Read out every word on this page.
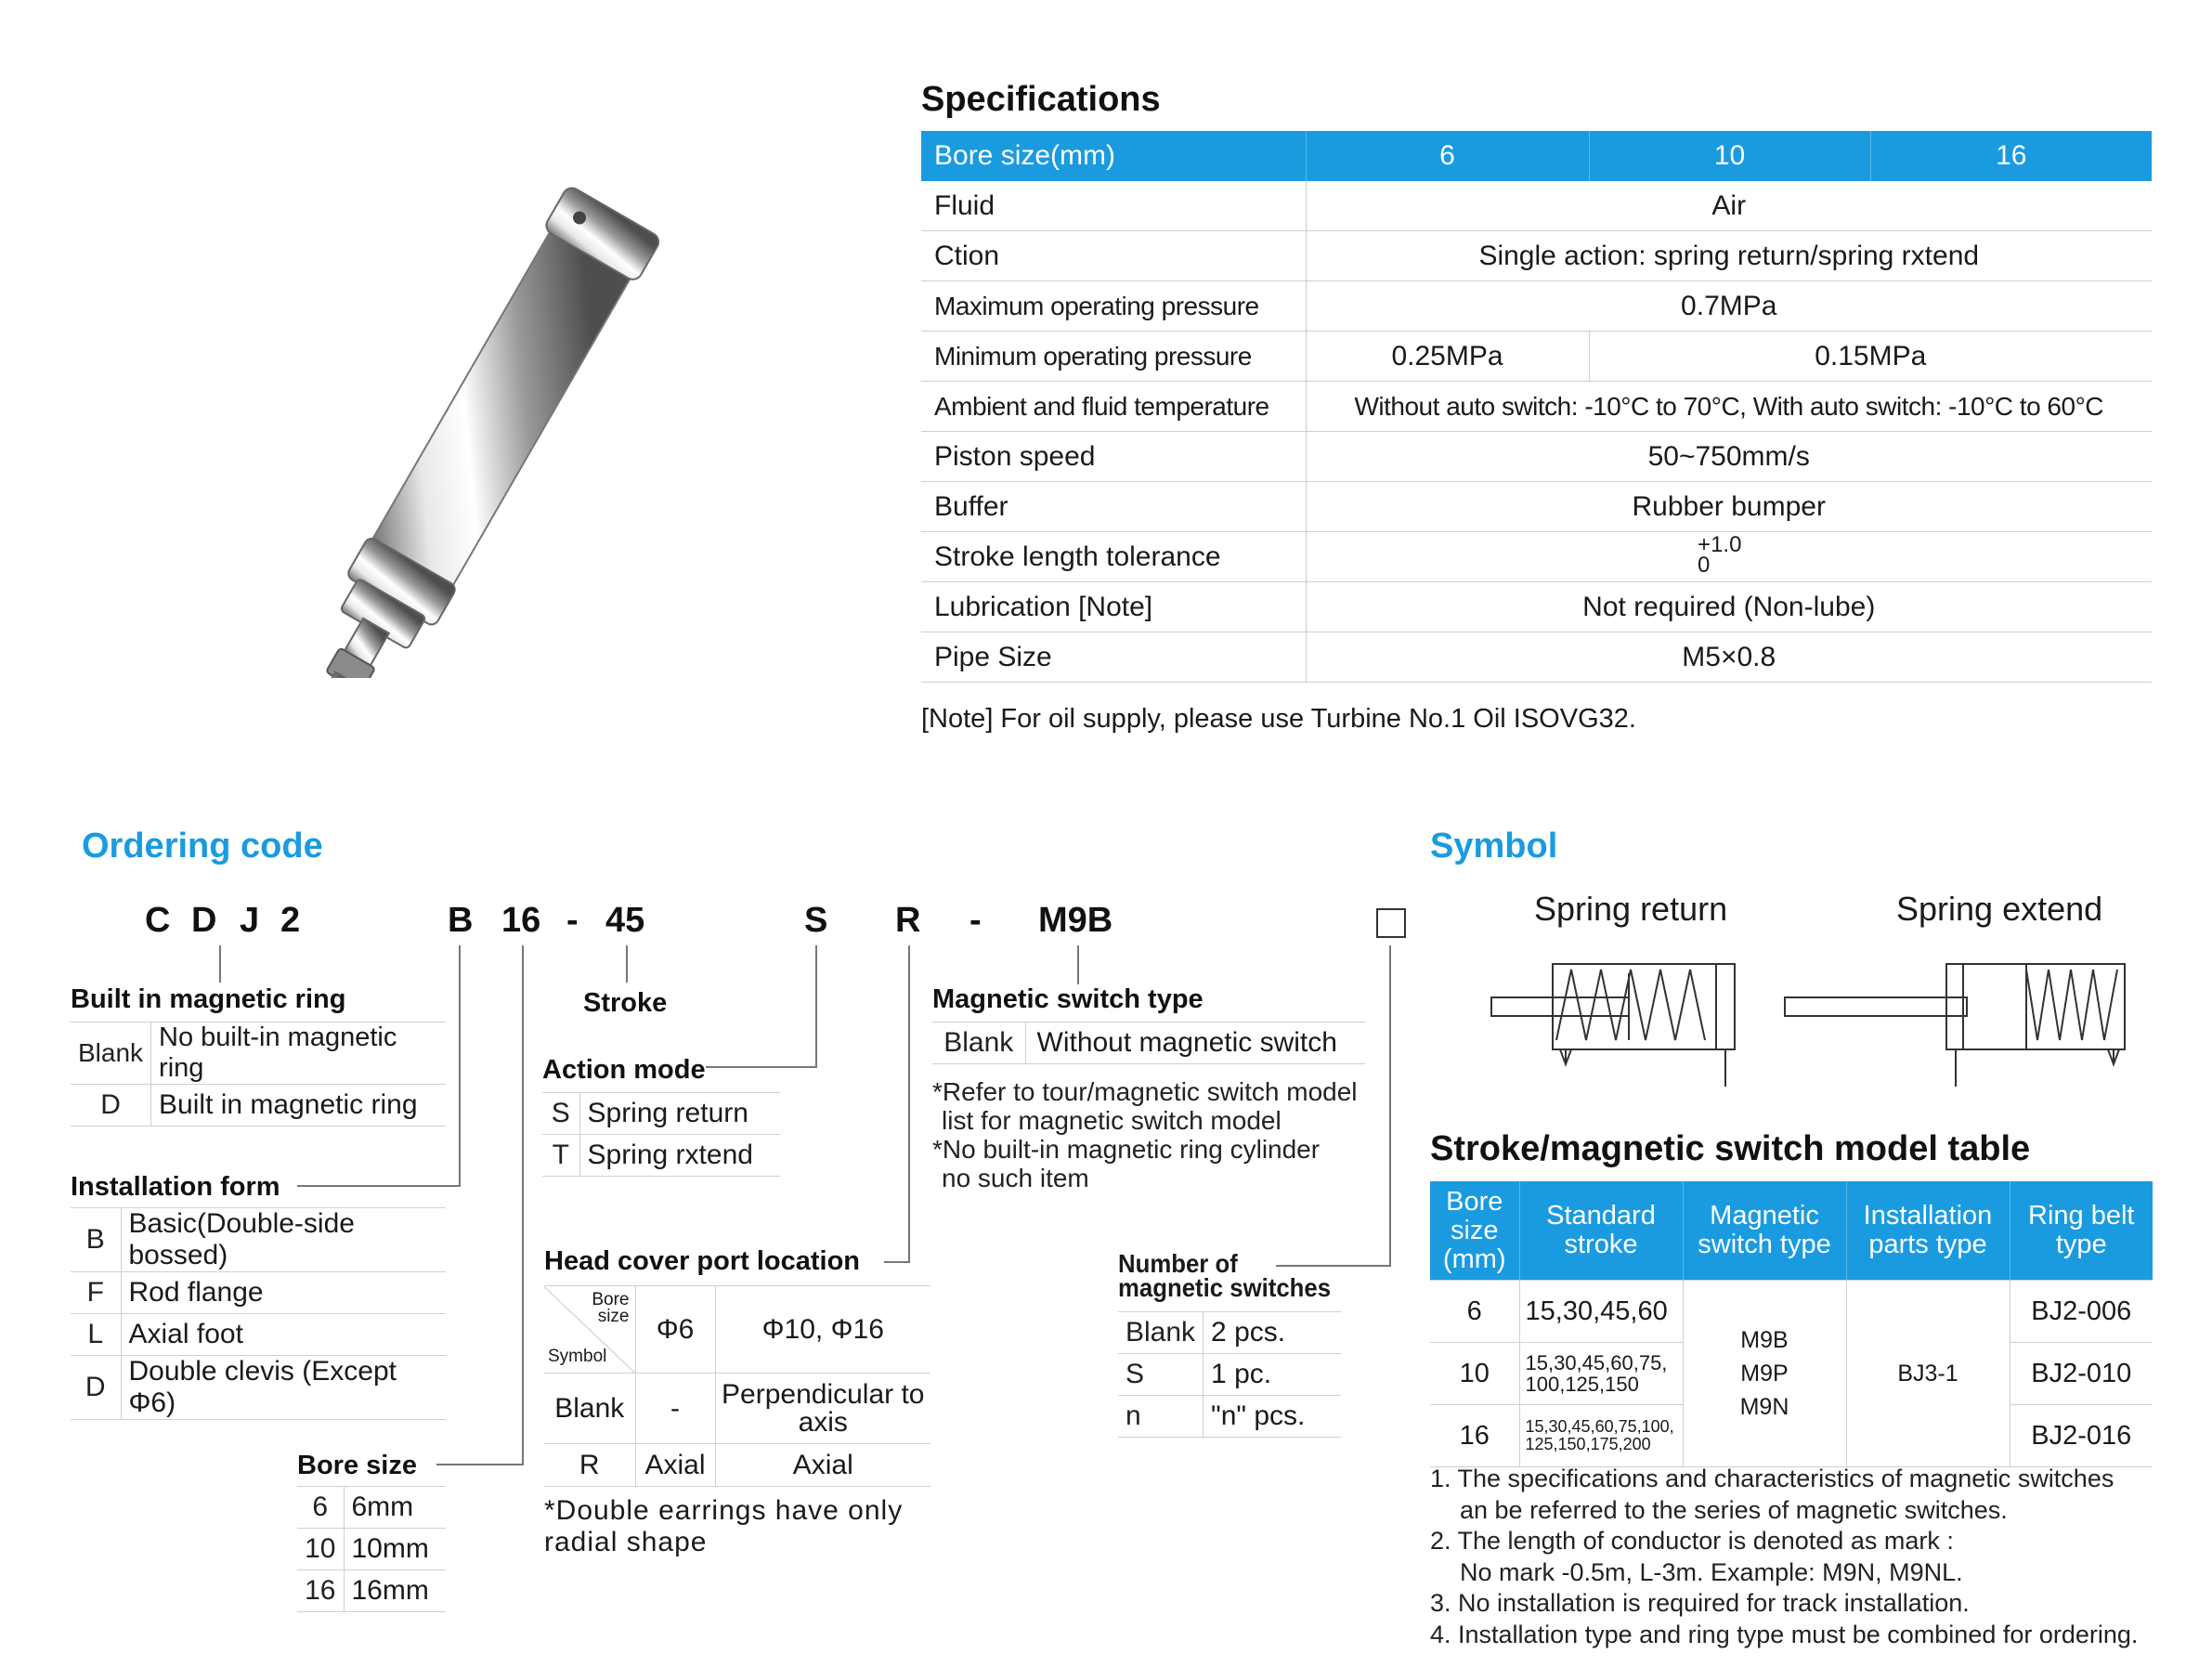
Specifications
Bore size(mm)	6	10	16
Fluid	Air		
Ction	Single action: spring return/spring rxtend		
Maximum operating pressure	0.7MPa		
Minimum operating pressure	0.25MPa	0.15MPa	
Ambient and fluid temperature	Without auto switch: -10°C to 70°C, With auto switch: -10°C to 60°C		
Piston speed	50~750mm/s		
Buffer	Rubber bumper		
Stroke length tolerance	+1.0
0		

Lubrication [Note]	Not required (Non-lube)		
Pipe Size	M5×0.8		
[Note] For oil supply, please use Turbine No.1 Oil ISOVG32.
Ordering code
C D J 2	B 16 - 45	S R - M9B
Built in magnetic ring
Blank	No built-in magnetic ring
D	Built in magnetic ring
Installation form
B	Basic(Double-side bossed)
F	Rod flange
L	Axial foot
D	Double clevis (Except Φ6)
Bore size
6	6mm
10	10mm
16	16mm
Stroke
Action mode
S	Spring return
T	Spring rxtend
Head cover port location
Bore size
Symbol	Φ6	Φ10, Φ16
Blank	-	Perpendicular to axis
R	Axial	Axial
*Double earrings have only radial shape
Magnetic switch type
Blank	Without magnetic switch
*Refer to tour/magnetic switch model
list for magnetic switch model
*No built-in magnetic ring cylinder
no such item
Number of
magnetic switches
Blank	2 pcs.
S	1 pc.
n	"n" pcs.
Symbol
Spring return	Spring extend
Stroke/magnetic switch model table
Bore size (mm)	Standard stroke	Magnetic switch type	Installation parts type	Ring belt type
6	15,30,45,60	M9B
M9P
M9N	BJ3-1	BJ2-006
10	15,30,45,60,75, 100,125,150			BJ2-010
16	15,30,45,60,75,100, 125,150,175,200			BJ2-016
1. The specifications and characteristics of magnetic switches
an be referred to the series of magnetic switches.
2. The length of conductor is denoted as mark :
No mark -0.5m, L-3m. Example: M9N, M9NL.
3. No installation is required for track installation.
4. Installation type and ring type must be combined for ordering.
